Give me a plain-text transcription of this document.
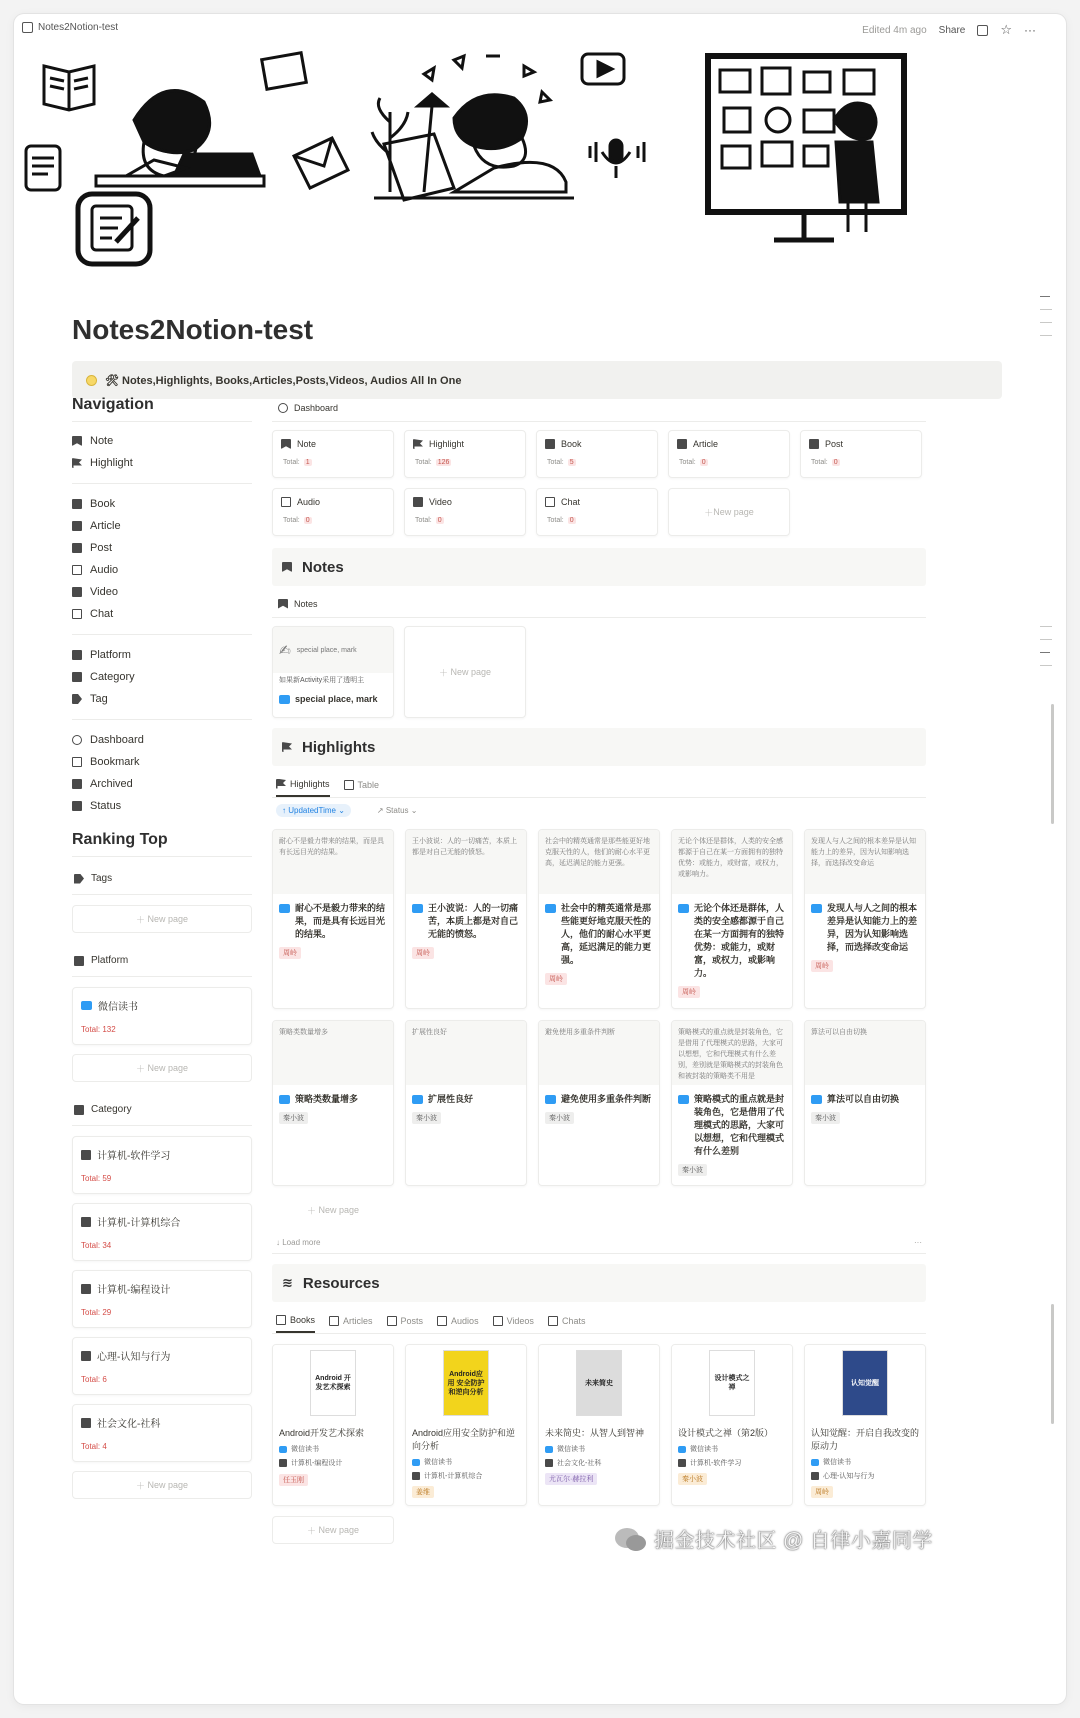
Notes2Notion-test	Edited 4m ago Share	☆ ···
Notes2Notion-test
🛠 Notes,Highlights, Books,Articles,Posts,Videos, Audios All In One
Navigation
Note
Highlight
Book
Article
Post
Audio
Video
Chat
Platform
Category
Tag
Dashboard
Bookmark
Archived
Status
Ranking Top
Tags
＋ New page
Platform
微信读书
Total: 132
＋ New page
Category
计算机-软件学习
Total: 59
计算机-计算机综合
Total: 34
计算机-编程设计
Total: 29
心理-认知与行为
Total: 6
社会文化-社科
Total: 4
＋ New page
Dashboard
Note
Total: 1
Highlight
Total: 126
Book
Total: 5
Article
Total: 0
Post
Total: 0
Audio
Total: 0
Video
Total: 0
Chat
Total: 0
＋ New page
Notes
Notes
✍ special place, mark
如果新Activity采用了透明主
special place, mark
＋ New page
Highlights
Highlights	Table
↑ UpdatedTime ⌄	↗ Status ⌄
耐心不是毅力带来的结果，而是具有长远目光的结果。
耐心不是毅力带来的结果，而是具有长远目光的结果。
周岭
王小波说：人的一切痛苦，本质上都是对自己无能的愤怒。
王小波说：人的一切痛苦，本质上都是对自己无能的愤怒。
周岭
社会中的精英通常是那些能更好地克服天性的人，他们的耐心水平更高，延迟满足的能力更强。
社会中的精英通常是那些能更好地克服天性的人，他们的耐心水平更高，延迟满足的能力更强。
周岭
无论个体还是群体，人类的安全感都源于自己在某一方面拥有的独特优势：或能力，或财富，或权力，或影响力。
无论个体还是群体，人类的安全感都源于自己在某一方面拥有的独特优势：或能力，或财富，或权力，或影响力。
周岭
发现人与人之间的根本差异是认知能力上的差异，因为认知影响选择，而选择改变命运
发现人与人之间的根本差异是认知能力上的差异，因为认知影响选择，而选择改变命运
周岭
策略类数量增多
策略类数量增多
秦小波
扩展性良好
扩展性良好
秦小波
避免使用多重条件判断
避免使用多重条件判断
秦小波
策略模式的重点就是封装角色，它是借用了代理模式的思路，大家可以想想，它和代理模式有什么差别，差别就是策略模式的封装角色和被封装的策略类不用是
策略模式的重点就是封装角色，它是借用了代理模式的思路，大家可以想想，它和代理模式有什么差别
秦小波
算法可以自由切换
算法可以自由切换
秦小波
＋ New page
↓ Load more	···
≋ Resources
Books	Articles	Posts	Audios	Videos	Chats
Android 开发艺术探索
Android开发艺术探索
微信读书
计算机-编程设计
任玉刚
Android应用 安全防护和逆向分析
Android应用安全防护和逆向分析
微信读书
计算机-计算机综合
姜维
未来简史
未来简史：从智人到智神
微信读书
社会文化-社科
尤瓦尔·赫拉利
设计模式之禅
设计模式之禅（第2版）
微信读书
计算机-软件学习
秦小波
认知觉醒
认知觉醒：开启自我改变的原动力
微信读书
心理-认知与行为
周岭
＋ New page	掘金技术社区 @ 自律小嘉同学
